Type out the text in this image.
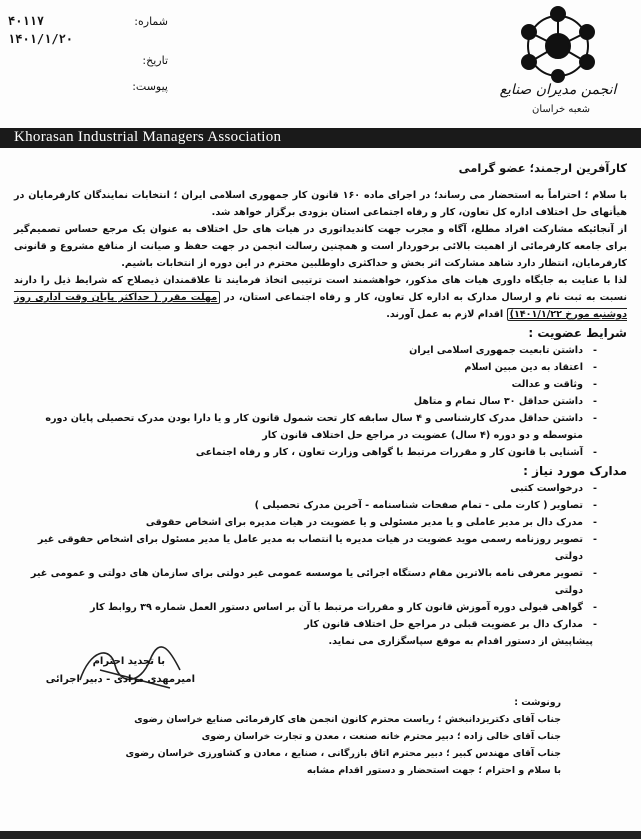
شماره:
۴۰۱۱۷
۱۴۰۱/۱/۲۰
تاریخ:
پیوست:	انجمن مدیران صنایع
شعبه خراسان
Khorasan Industrial Managers Association
کارآفرین ارجمند؛ عضو گرامی

با سلام ؛ احتراماً به استحضار می رساند؛ در اجرای ماده ۱۶۰ قانون کار جمهوری اسلامی ایران ؛ انتخابات نمایندگان کارفرمایان در هیأتهای حل اختلاف اداره کل تعاون، کار و رفاه اجتماعی استان بزودی برگزار خواهد شد.

از آنجائیکه مشارکت افراد مطلع، آگاه و مجرب جهت کاندیداتوری در هیات های حل اختلاف به عنوان یک مرجع حساس تصمیم‌گیر برای جامعه کارفرمائی از اهمیت بالائی برخوردار است و همچنین رسالت انجمن در جهت حفظ و صیانت از منافع مشروع و قانونی کارفرمایان، انتظار دارد شاهد مشارکت اثر بخش و حداکثری داوطلبین محترم در این دوره از انتخابات باشیم.

لذا با عنایت به جایگاه داوری هیات های مذکور، خواهشمند است ترتیبی اتخاذ فرمایند تا علاقمندان ذیصلاح که شرایط ذیل را دارند نسبت به ثبت نام و ارسال مدارک به اداره کل تعاون، کار و رفاه اجتماعی استان، در مهلت مقرر ( حداکثر پایان وقت اداری روز دوشنبه مورخ ۱۴۰۱/۱/۲۲) اقدام لازم به عمل آورند.

شرایط عضویت :
- داشتن تابعیت جمهوری اسلامی ایران
- اعتقاد به دین مبین اسلام
- وثاقت و عدالت
- داشتن حداقل ۳۰ سال تمام و متاهل
- داشتن حداقل مدرک کارشناسی و ۴ سال سابقه کار تحت شمول قانون کار و یا دارا بودن مدرک تحصیلی پایان دوره متوسطه و دو دوره (۴ سال) عضویت در مراجع حل اختلاف قانون کار
- آشنایی با قانون کار و مقررات مرتبط با گواهی وزارت تعاون ، کار و رفاه اجتماعی
مدارک مورد نیاز :
- درخواست کتبی
- تصاویر ( کارت ملی - تمام صفحات شناسنامه - آخرین مدرک تحصیلی )
- مدرک دال بر مدیر عاملی و یا مدیر مسئولی و یا عضویت در هیات مدیره برای اشخاص حقوقی
- تصویر روزنامه رسمی موید عضویت در هیات مدیره یا انتصاب به مدیر عامل یا مدیر مسئول برای اشخاص حقوقی غیر دولتی
- تصویر معرفی نامه بالاترین مقام دستگاه اجرائی یا موسسه عمومی غیر دولتی برای سازمان های دولتی و عمومی غیر دولتی
- گواهی قبولی دوره آموزش قانون کار و مقررات مرتبط با آن بر اساس دستور العمل شماره ۳۹ روابط کار
- مدارک دال بر عضویت قبلی در مراجع حل اختلاف قانون کار
پیشاپیش از دستور اقدام به موقع سپاسگزاری می نماید.
با تجدید احترام
امیرمهدی مرادی - دبیر اجرائی
رونوشت :
جناب آقای دکتریزدانبخش ؛ ریاست محترم کانون انجمن های کارفرمائی صنایع خراسان رضوی
جناب آقای خالی زاده ؛ دبیر محترم خانه صنعت ، معدن و تجارت خراسان رضوی
جناب آقای مهندس کبیر ؛ دبیر محترم اتاق بازرگانی ، صنایع ، معادن و کشاورزی خراسان رضوی
با سلام و احترام ؛ جهت استحضار و دستور اقدام مشابه
